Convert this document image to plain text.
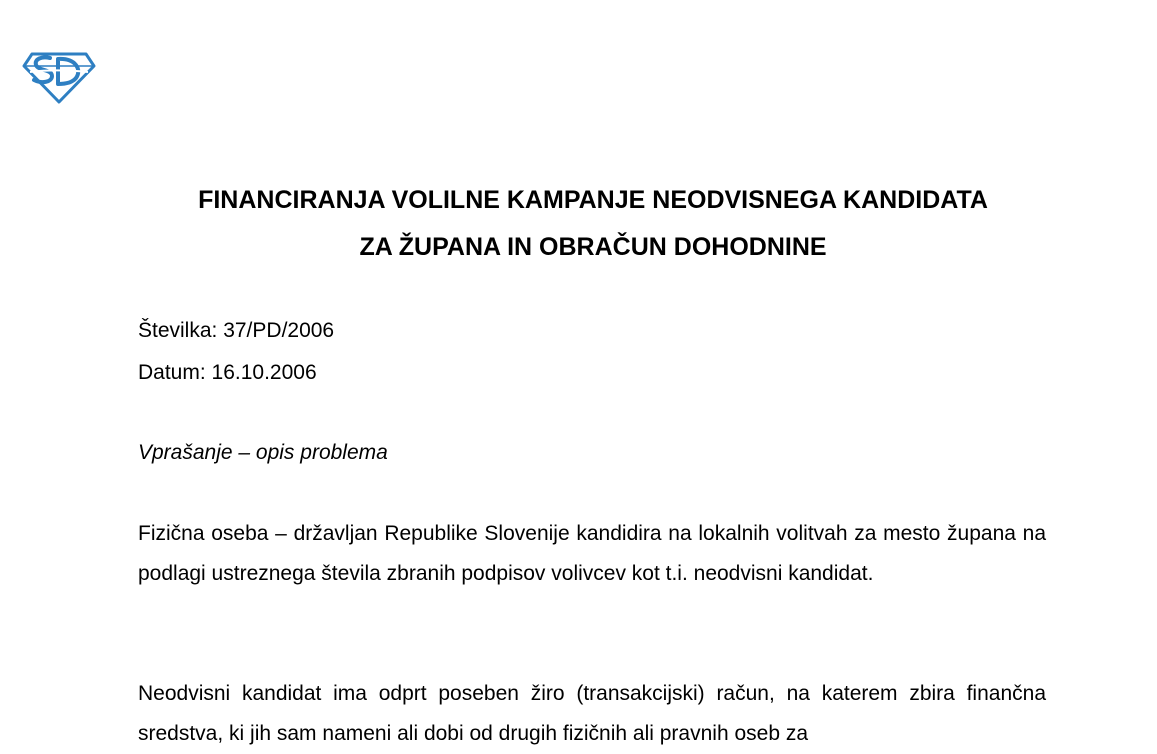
FINANCIRANJA VOLILNE KAMPANJE NEODVISNEGA KANDIDATA

ZA ŽUPANA IN OBRAČUN DOHODNINE

Številka: 37/PD/2006

Datum: 16.10.2006

Vprašanje – opis problema

Fizična oseba – državljan Republike Slovenije kandidira na lokalnih volitvah za mesto župana na podlagi ustreznega števila zbranih podpisov volivcev kot t.i. neodvisni kandidat.

Neodvisni kandidat ima odprt poseben žiro (transakcijski) račun, na katerem zbira finančna sredstva, ki jih sam nameni ali dobi od drugih fizičnih ali pravnih oseb za
